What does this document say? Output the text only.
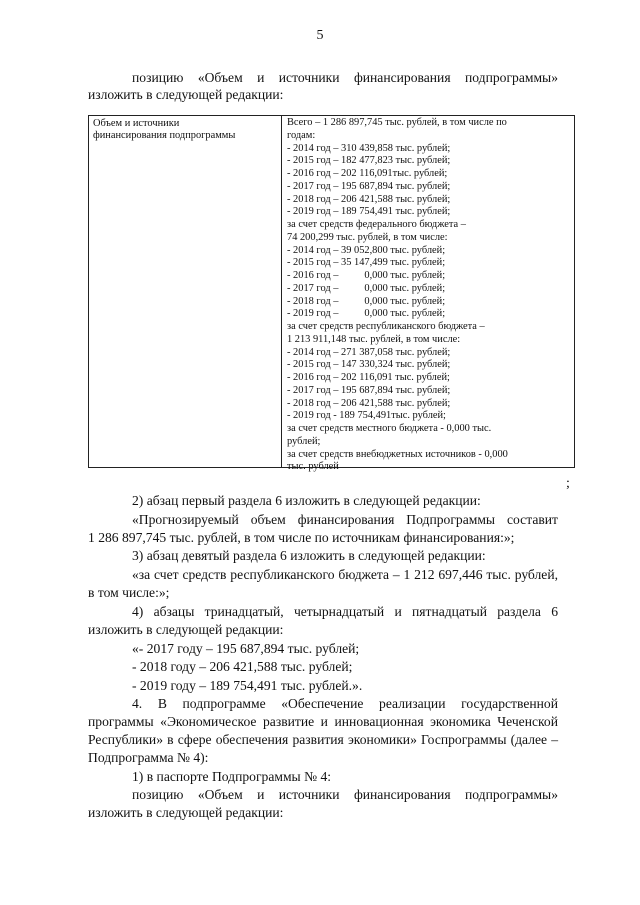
5

позицию «Объем и источники финансирования подпрограммы»

изложить в следующей редакции:

Объем и источники
финансирования подпрограммы
Всего – 1 286 897,745 тыс. рублей, в том числе по
годам:
- 2014 год – 310 439,858 тыс. рублей;
- 2015 год – 182 477,823 тыс. рублей;
- 2016 год – 202 116,091тыс. рублей;
- 2017 год – 195 687,894 тыс. рублей;
- 2018 год – 206 421,588 тыс. рублей;
- 2019 год – 189 754,491 тыс. рублей;
за счет средств федерального бюджета –
74 200,299 тыс. рублей, в том числе:
- 2014 год – 39 052,800 тыс. рублей;
- 2015 год – 35 147,499 тыс. рублей;
- 2016 год –          0,000 тыс. рублей;
- 2017 год –          0,000 тыс. рублей;
- 2018 год –          0,000 тыс. рублей;
- 2019 год –          0,000 тыс. рублей;
за счет средств республиканского бюджета –
1 213 911,148 тыс. рублей, в том числе:
- 2014 год – 271 387,058 тыс. рублей;
- 2015 год – 147 330,324 тыс. рублей;
- 2016 год – 202 116,091 тыс. рублей;
- 2017 год – 195 687,894 тыс. рублей;
- 2018 год – 206 421,588 тыс. рублей;
- 2019 год - 189 754,491тыс. рублей;
за счет средств местного бюджета - 0,000 тыс.
рублей;
за счет средств внебюджетных источников - 0,000
тыс. рублей
;

2) абзац первый раздела 6 изложить в следующей редакции:

«Прогнозируемый объем финансирования Подпрограммы составит

1 286 897,745 тыс. рублей, в том числе по источникам финансирования:»;

3) абзац девятый раздела 6 изложить в следующей редакции:

«за счет средств республиканского бюджета – 1 212 697,446 тыс. рублей,

в том числе:»;

4) абзацы тринадцатый, четырнадцатый и пятнадцатый раздела 6

изложить в следующей редакции:

«- 2017 году – 195 687,894 тыс. рублей;

- 2018 году – 206 421,588 тыс. рублей;

- 2019 году – 189 754,491 тыс. рублей.».

4. В подпрограмме «Обеспечение реализации государственной

программы «Экономическое развитие и инновационная экономика Чеченской

Республики» в сфере обеспечения развития экономики» Госпрограммы (далее –

Подпрограмма № 4):

1) в паспорте Подпрограммы № 4:

позицию «Объем и источники финансирования подпрограммы»

изложить в следующей редакции:
